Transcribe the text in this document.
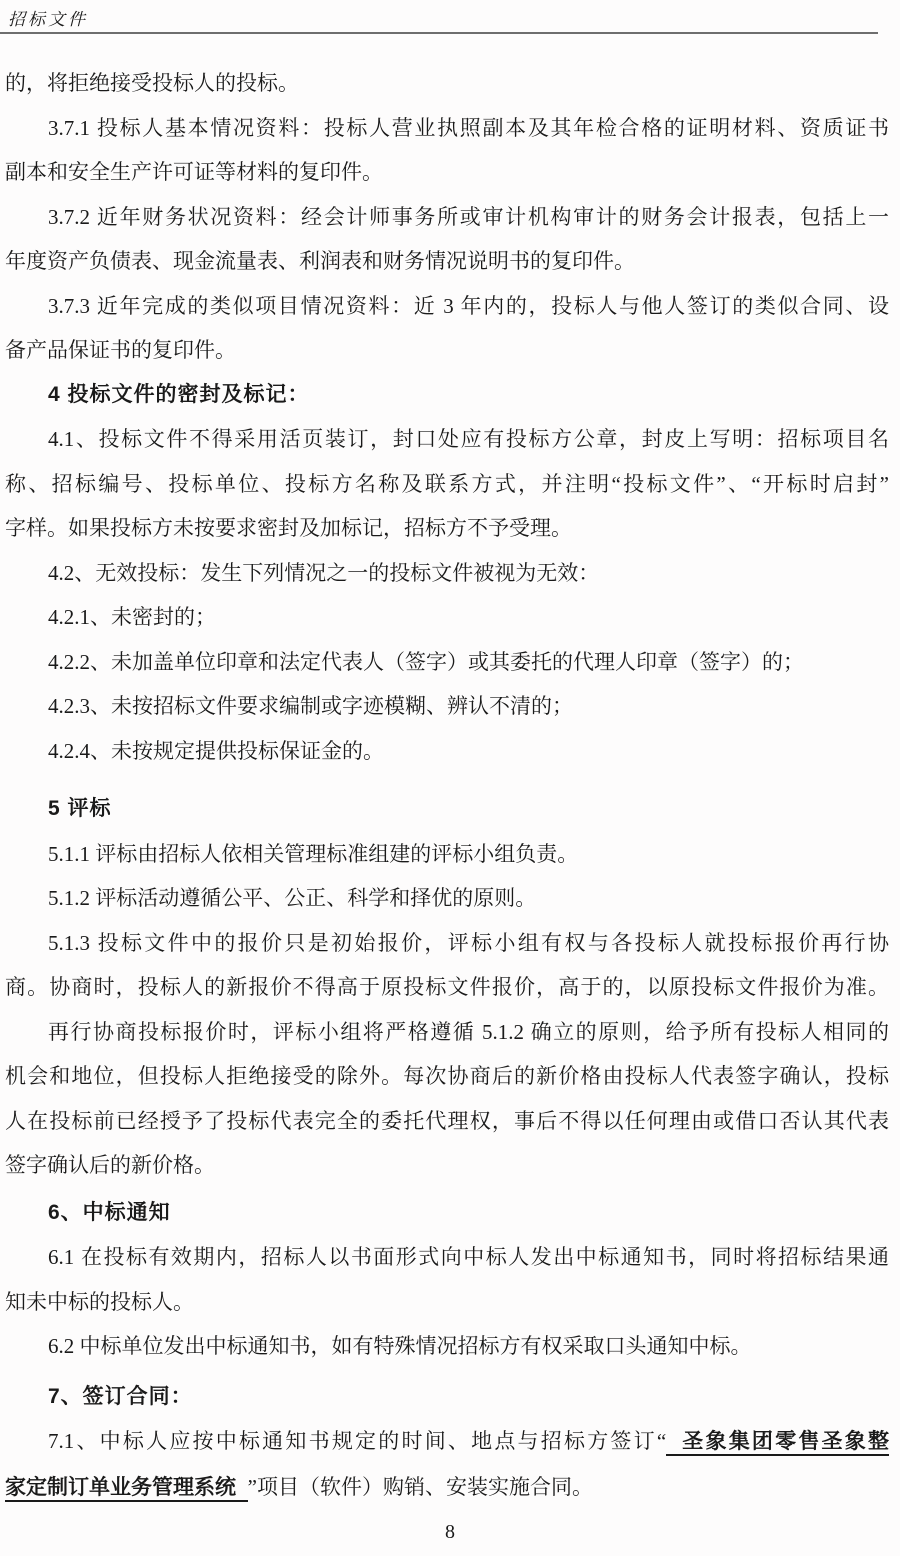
招标文件
的，将拒绝接受投标人的投标。
3.7.1 投标人基本情况资料：投标人营业执照副本及其年检合格的证明材料、资质证书
副本和安全生产许可证等材料的复印件。
3.7.2 近年财务状况资料：经会计师事务所或审计机构审计的财务会计报表，包括上一
年度资产负债表、现金流量表、利润表和财务情况说明书的复印件。
3.7.3 近年完成的类似项目情况资料：近 3 年内的，投标人与他人签订的类似合同、设
备产品保证书的复印件。
4 投标文件的密封及标记：
4.1、投标文件不得采用活页装订，封口处应有投标方公章，封皮上写明：招标项目名
称、招标编号、投标单位、投标方名称及联系方式，并注明“投标文件”、“开标时启封”
字样。如果投标方未按要求密封及加标记，招标方不予受理。
4.2、无效投标：发生下列情况之一的投标文件被视为无效：
4.2.1、未密封的；
4.2.2、未加盖单位印章和法定代表人（签字）或其委托的代理人印章（签字）的；
4.2.3、未按招标文件要求编制或字迹模糊、辨认不清的；
4.2.4、未按规定提供投标保证金的。
5 评标
5.1.1 评标由招标人依相关管理标准组建的评标小组负责。
5.1.2 评标活动遵循公平、公正、科学和择优的原则。
5.1.3 投标文件中的报价只是初始报价，评标小组有权与各投标人就投标报价再行协
商。协商时，投标人的新报价不得高于原投标文件报价，高于的，以原投标文件报价为准。
再行协商投标报价时，评标小组将严格遵循 5.1.2 确立的原则，给予所有投标人相同的
机会和地位，但投标人拒绝接受的除外。每次协商后的新价格由投标人代表签字确认，投标
人在投标前已经授予了投标代表完全的委托代理权，事后不得以任何理由或借口否认其代表
签字确认后的新价格。
6、中标通知
6.1 在投标有效期内，招标人以书面形式向中标人发出中标通知书，同时将招标结果通
知未中标的投标人。
6.2 中标单位发出中标通知书，如有特殊情况招标方有权采取口头通知中标。
7、签订合同：
7.1、中标人应按中标通知书规定的时间、地点与招标方签订“  圣象集团零售圣象整
家定制订单业务管理系统  ”项目（软件）购销、安装实施合同。
8
